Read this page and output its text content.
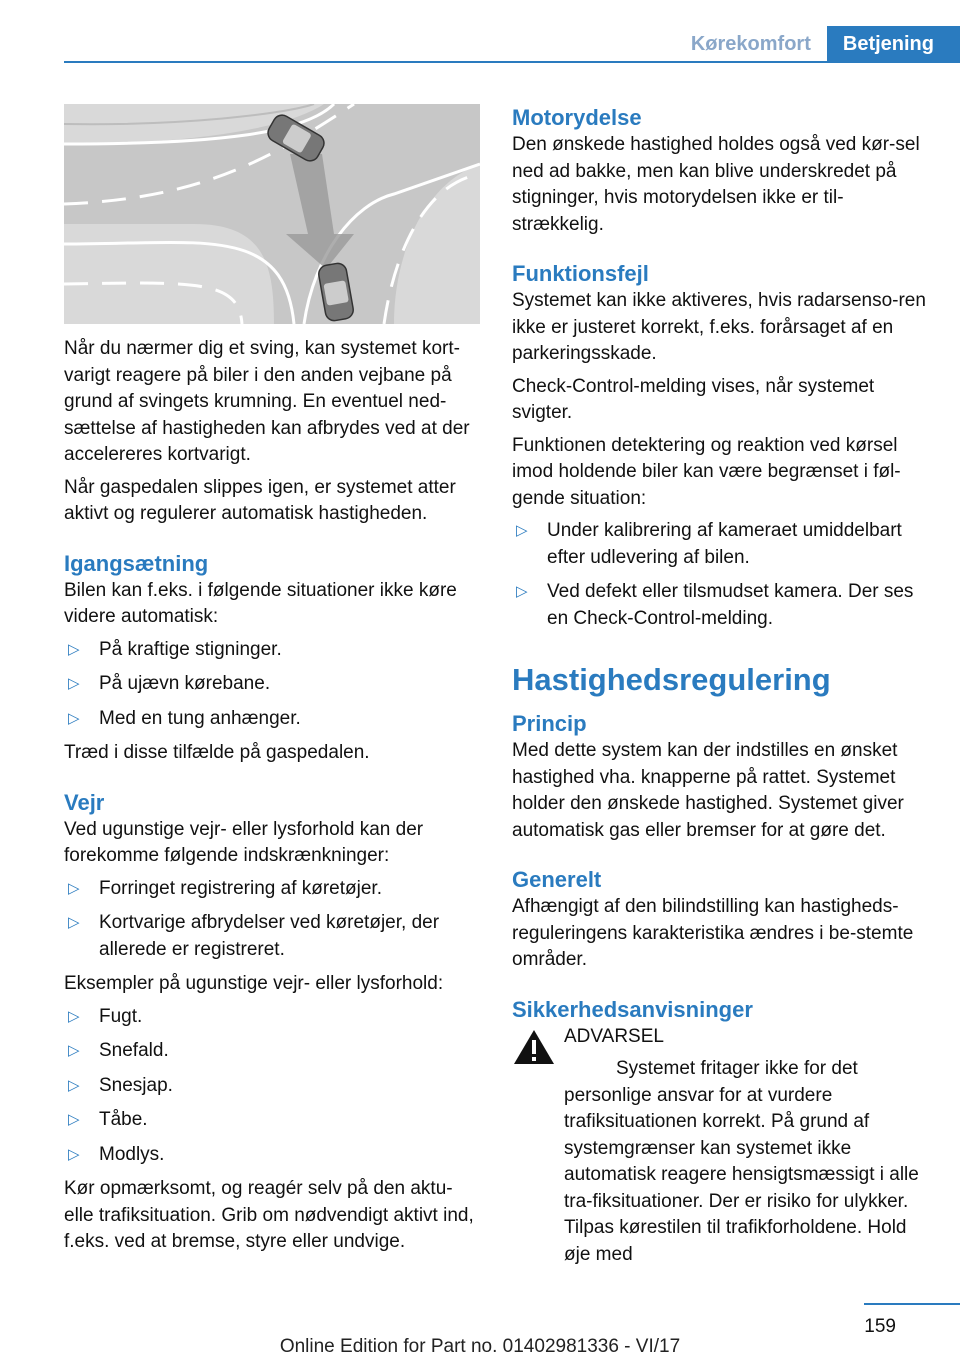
Kørekomfort	Betjening

Når du nærmer dig et sving, kan systemet kort-varigt reagere på biler i den anden vejbane på grund af svingets krumning. En eventuel ned-sættelse af hastigheden kan afbrydes ved at der accelereres kortvarigt.

Når gaspedalen slippes igen, er systemet atter aktivt og regulerer automatisk hastigheden.

Igangsætning

Bilen kan f.eks. i følgende situationer ikke køre videre automatisk:

▷ På kraftige stigninger.
▷ På ujævn kørebane.
▷ Med en tung anhænger.

Træd i disse tilfælde på gaspedalen.

Vejr

Ved ugunstige vejr- eller lysforhold kan der forekomme følgende indskrænkninger:

▷ Forringet registrering af køretøjer.
▷ Kortvarige afbrydelser ved køretøjer, der allerede er registreret.

Eksempler på ugunstige vejr- eller lysforhold:

▷ Fugt.
▷ Snefald.
▷ Snesjap.
▷ Tåbe.
▷ Modlys.

Kør opmærksomt, og reagér selv på den aktu-elle trafiksituation. Grib om nødvendigt aktivt ind, f.eks. ved at bremse, styre eller undvige.

Motorydelse

Den ønskede hastighed holdes også ved kør-sel ned ad bakke, men kan blive underskredet på stigninger, hvis motorydelsen ikke er til-strækkelig.

Funktionsfejl

Systemet kan ikke aktiveres, hvis radarsenso-ren ikke er justeret korrekt, f.eks. forårsaget af en parkeringsskade.

Check-Control-melding vises, når systemet svigter.

Funktionen detektering og reaktion ved kørsel imod holdende biler kan være begrænset i føl-gende situation:

▷ Under kalibrering af kameraet umiddelbart efter udlevering af bilen.
▷ Ved defekt eller tilsmudset kamera. Der ses en Check-Control-melding.
Hastighedsregulering
Princip

Med dette system kan der indstilles en ønsket hastighed vha. knapperne på rattet. Systemet holder den ønskede hastighed. Systemet giver automatisk gas eller bremser for at gøre det.

Generelt

Afhængigt af den bilindstilling kan hastigheds-reguleringens karakteristika ændres i be-stemte områder.

Sikkerhedsanvisninger

ADVARSEL

Systemet fritager ikke for det personlige ansvar for at vurdere trafiksituationen korrekt. På grund af systemgrænser kan systemet ikke automatisk reagere hensigtsmæssigt i alle tra-fiksituationer. Der er risiko for ulykker. Tilpas kørestilen til trafikforholdene. Hold øje med

159
Online Edition for Part no. 01402981336 - VI/17
